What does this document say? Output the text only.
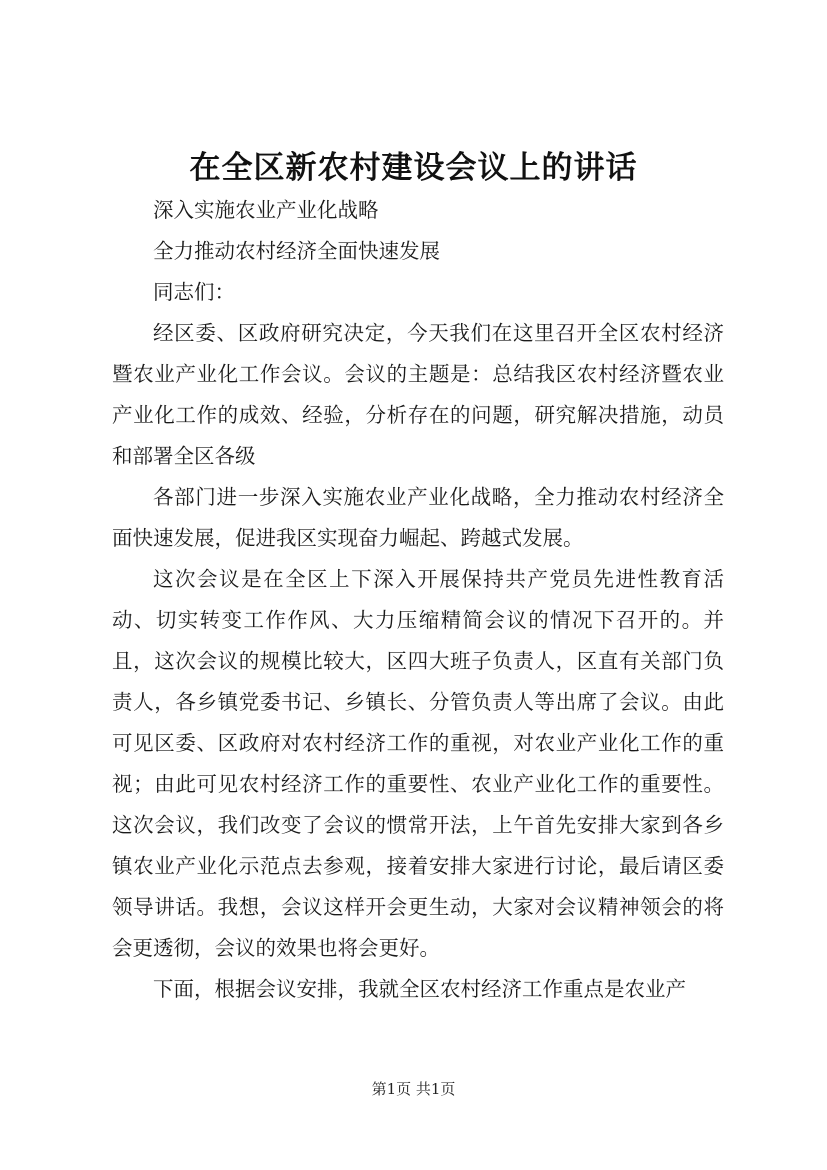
在全区新农村建设会议上的讲话

深入实施农业产业化战略

全力推动农村经济全面快速发展

同志们：

经区委、区政府研究决定，今天我们在这里召开全区农村经济暨农业产业化工作会议。会议的主题是：总结我区农村经济暨农业产业化工作的成效、经验，分析存在的问题，研究解决措施，动员和部署全区各级

各部门进一步深入实施农业产业化战略，全力推动农村经济全面快速发展，促进我区实现奋力崛起、跨越式发展。

这次会议是在全区上下深入开展保持共产党员先进性教育活动、切实转变工作作风、大力压缩精简会议的情况下召开的。并且，这次会议的规模比较大，区四大班子负责人，区直有关部门负责人，各乡镇党委书记、乡镇长、分管负责人等出席了会议。由此可见区委、区政府对农村经济工作的重视，对农业产业化工作的重视；由此可见农村经济工作的重要性、农业产业化工作的重要性。这次会议，我们改变了会议的惯常开法，上午首先安排大家到各乡镇农业产业化示范点去参观，接着安排大家进行讨论，最后请区委领导讲话。我想，会议这样开会更生动，大家对会议精神领会的将会更透彻，会议的效果也将会更好。

下面，根据会议安排，我就全区农村经济工作重点是农业产

第1页 共1页
